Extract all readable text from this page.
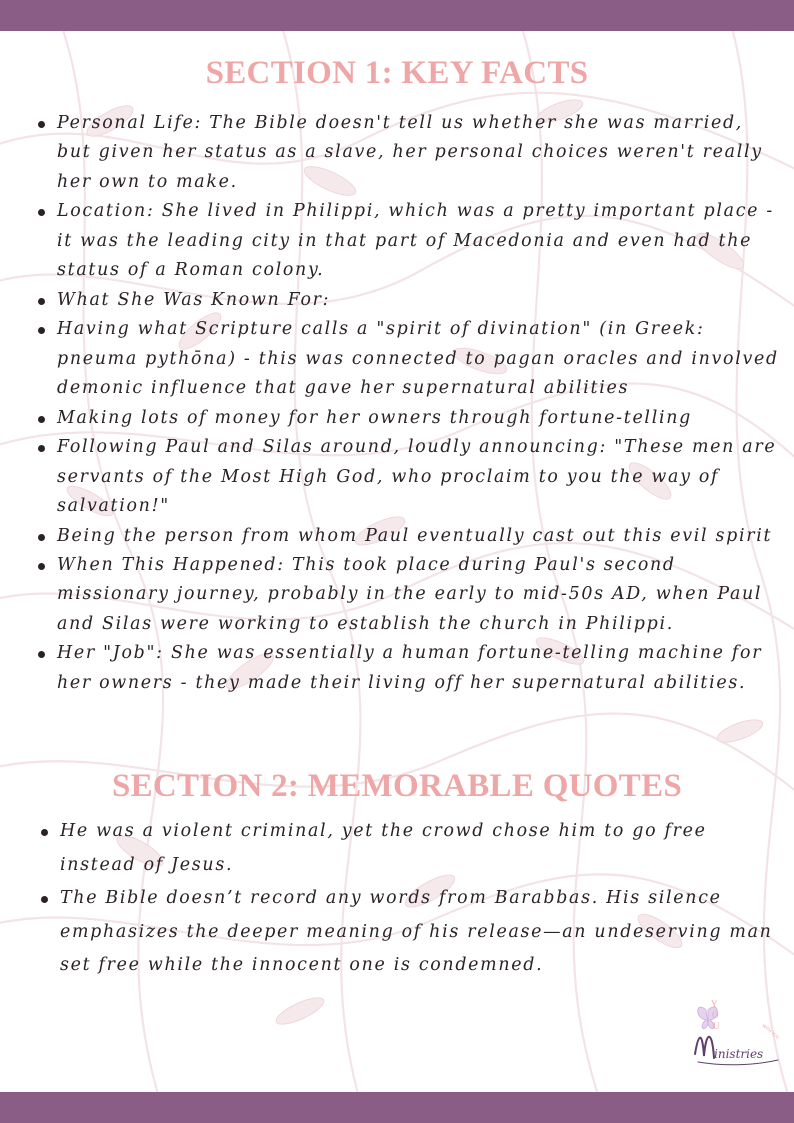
SECTION 1: KEY FACTS
Personal Life: The Bible doesn't tell us whether she was married, but given her status as a slave, her personal choices weren't really her own to make.
Location: She lived in Philippi, which was a pretty important place - it was the leading city in that part of Macedonia and even had the status of a Roman colony.
What She Was Known For:
Having what Scripture calls a "spirit of divination" (in Greek: pneuma pythōna) - this was connected to pagan oracles and involved demonic influence that gave her supernatural abilities
Making lots of money for her owners through fortune-telling
Following Paul and Silas around, loudly announcing: "These men are servants of the Most High God, who proclaim to you the way of salvation!"
Being the person from whom Paul eventually cast out this evil spirit
When This Happened: This took place during Paul's second missionary journey, probably in the early to mid-50s AD, when Paul and Silas were working to establish the church in Philippi.
Her "Job": She was essentially a human fortune-telling machine for her owners - they made their living off her supernatural abilities.
SECTION 2: MEMORABLE QUOTES
He was a violent criminal, yet the crowd chose him to go free instead of Jesus.
The Bible doesn’t record any words from Barabbas. His silence emphasizes the deeper meaning of his release—an undeserving man set free while the innocent one is condemned.
Y
O
U
inistries
WITH YOU
